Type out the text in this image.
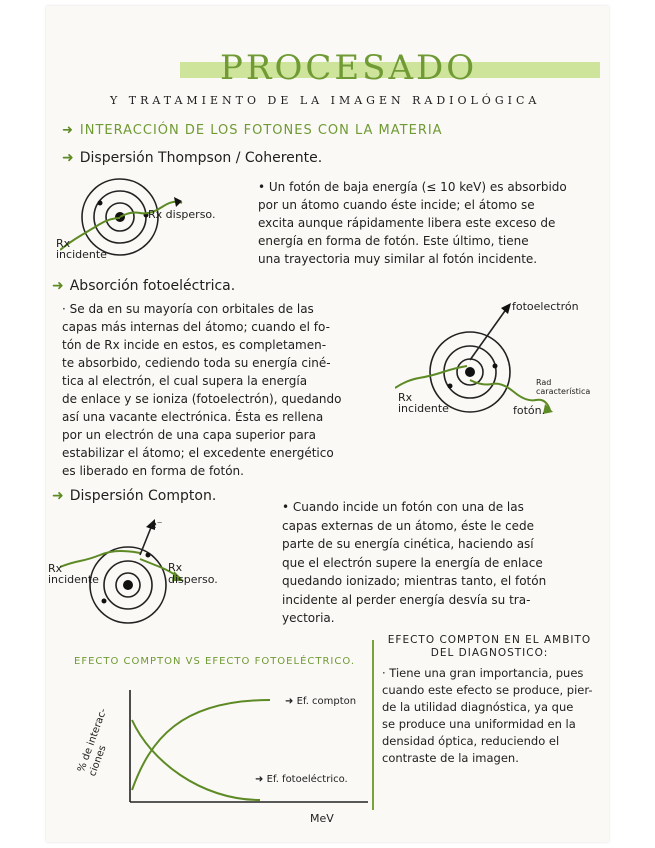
PROCESADO
Y TRATAMIENTO DE LA IMAGEN RADIOLÓGICA
➜ INTERACCIÓN DE LOS FOTONES CON LA MATERIA
➜ Dispersión Thompson / Coherente.
Rx disperso.
Rx
incidente
• Un fotón de baja energía (≤ 10 keV) es absorbido
por un átomo cuando éste incide; el átomo se
excita aunque rápidamente libera este exceso de
energía en forma de fotón. Este último, tiene
una trayectoria muy similar al fotón incidente.
➜ Absorción fotoeléctrica.
· Se da en su mayoría con orbitales de las
capas más internas del átomo; cuando el fo-
tón de Rx incide en estos, es completamen-
te absorbido, cediendo toda su energía ciné-
tica al electrón, el cual supera la energía
de enlace y se ioniza (fotoelectrón), quedando
así una vacante electrónica. Ésta es rellena
por un electrón de una capa superior para
estabilizar el átomo; el excedente energético
es liberado en forma de fotón.
fotoelectrón
Rad característica
fotón.
Rx
incidente
➜ Dispersión Compton.
e⁻
Rx
disperso.
Rx
incidente
• Cuando incide un fotón con una de las
capas externas de un átomo, éste le cede
parte de su energía cinética, haciendo así
que el electrón supere la energía de enlace
quedando ionizado; mientras tanto, el fotón
incidente al perder energía desvía su tra-
yectoria.
EFECTO COMPTON VS EFECTO FOTOELÉCTRICO.
% de interac-
ciones
MeV
➜ Ef. compton
➜ Ef. fotoeléctrico.
EFECTO COMPTON EN EL AMBITO
DEL DIAGNOSTICO:
· Tiene una gran importancia, pues
cuando este efecto se produce, pier-
de la utilidad diagnóstica, ya que
se produce una uniformidad en la
densidad óptica, reduciendo el
contraste de la imagen.
